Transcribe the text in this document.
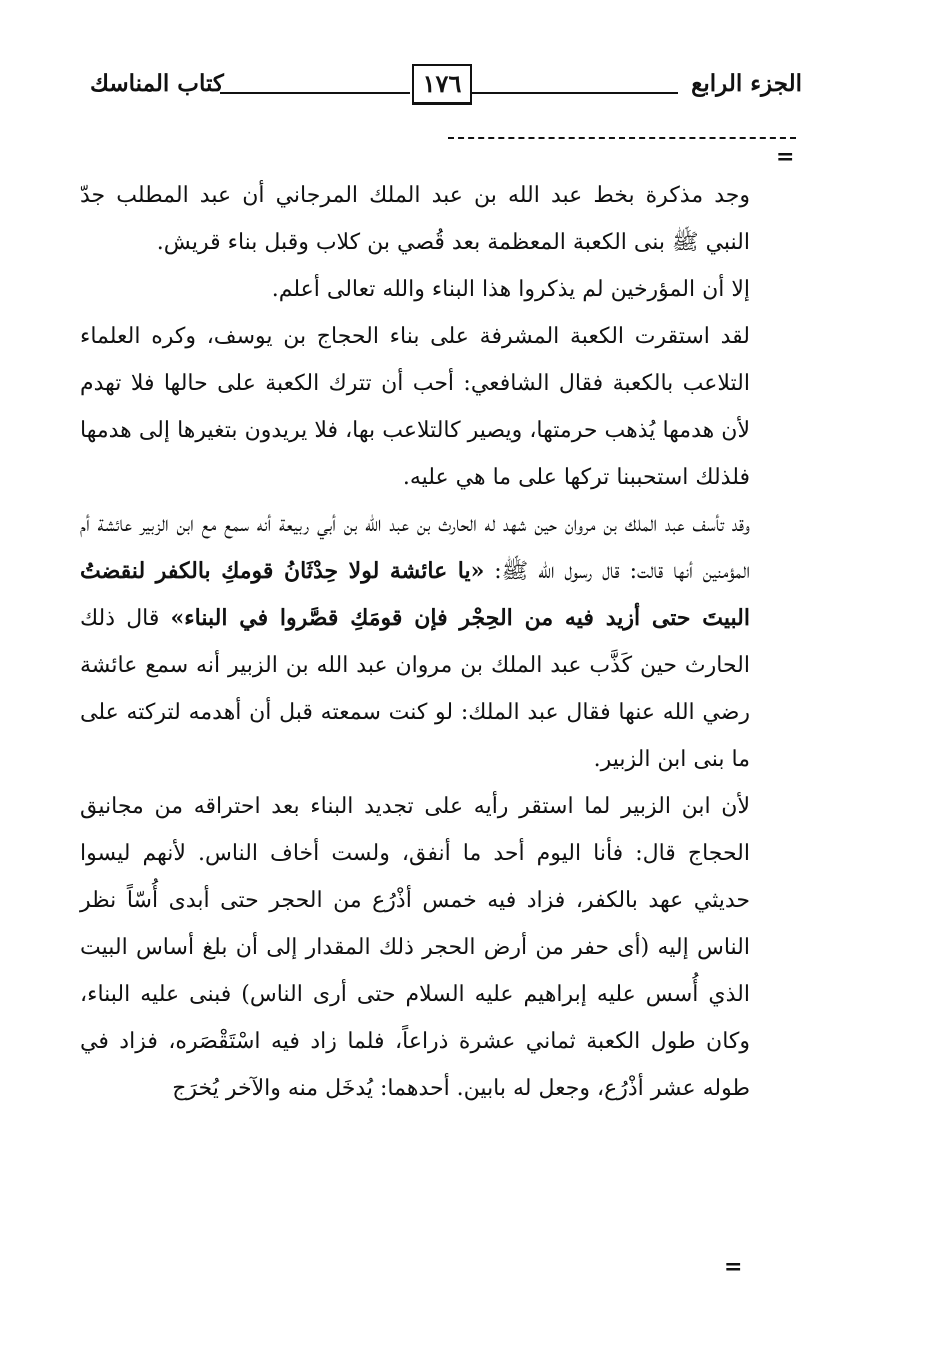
الجزء الرابع
١٧٦
كتاب المناسك
=

وجد مذكرة بخط عبد الله بن عبد الملك المرجاني أن عبد المطلب جدّ النبي ﷺ بنى الكعبة المعظمة بعد قُصي بن كلاب وقبل بناء قريش.

إلا أن المؤرخين لم يذكروا هذا البناء والله تعالى أعلم.

لقد استقرت الكعبة المشرفة على بناء الحجاج بن يوسف، وكره العلماء التلاعب بالكعبة فقال الشافعي: أحب أن تترك الكعبة على حالها فلا تهدم لأن هدمها يُذهب حرمتها، ويصير كالتلاعب بها، فلا يريدون بتغيرها إلى هدمها فلذلك استحببنا تركها على ما هي عليه.

وقد تأسف عبد الملك بن مروان حين شهد له الحارث بن عبد الله بن أبي ربيعة أنه سمع مع ابن الزبير عائشة أم المؤمنين أنها قالت: قال رسول الله ﷺ: «يا عائشة لولا حِدْثَانُ قومكِ بالكفر لنقضتُ البيتَ حتى أزيد فيه من الحِجْر فإن قومَكِ قصَّروا في البناء» قال ذلك الحارث حين كَذَّب عبد الملك بن مروان عبد الله بن الزبير أنه سمع عائشة رضي الله عنها فقال عبد الملك: لو كنت سمعته قبل أن أهدمه لتركته على ما بنى ابن الزبير.

لأن ابن الزبير لما استقر رأيه على تجديد البناء بعد احتراقه من مجانيق الحجاج قال: فأنا اليوم أحد ما أنفق، ولست أخاف الناس. لأنهم ليسوا حديثي عهد بالكفر، فزاد فيه خمس أذْرُع من الحجر حتى أبدى أُسّاً نظر الناس إليه (أى حفر من أرض الحجر ذلك المقدار إلى أن بلغ أساس البيت الذي أُسس عليه إبراهيم عليه السلام حتى أرى الناس) فبنى عليه البناء، وكان طول الكعبة ثماني عشرة ذراعاً، فلما زاد فيه اسْتَقْصَره، فزاد في طوله عشر أذْرُع، وجعل له بابين. أحدهما: يُدخَل منه والآخر يُخرَج

=
